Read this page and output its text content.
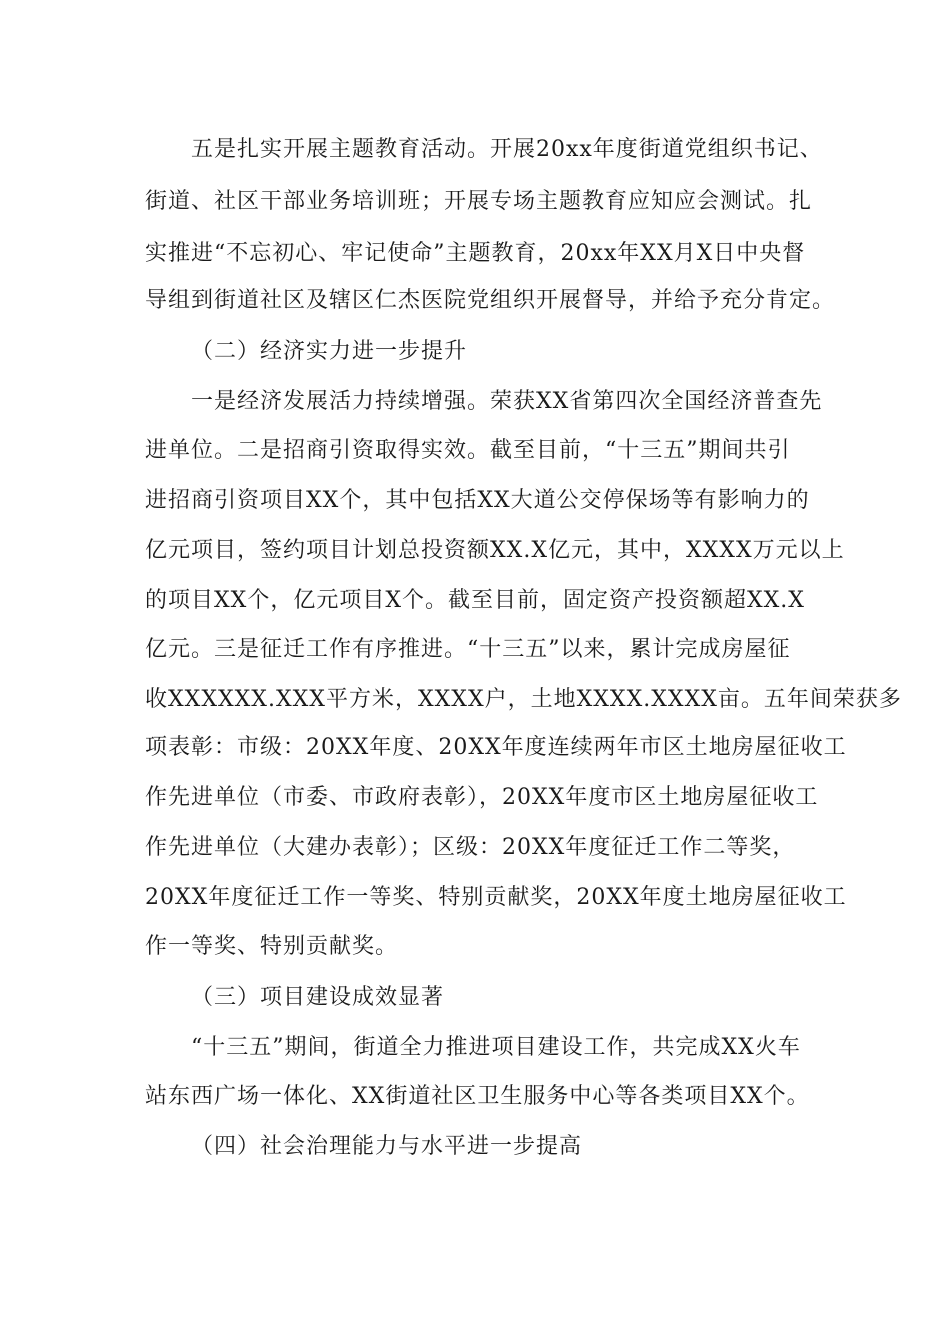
五是扎实开展主题教育活动。开展20xx年度街道党组织书记、
街道、社区干部业务培训班；开展专场主题教育应知应会测试。扎
实推进“不忘初心、牢记使命”主题教育，20xx年XX月X日中央督
导组到街道社区及辖区仁杰医院党组织开展督导，并给予充分肯定。
（二）经济实力进一步提升
一是经济发展活力持续增强。荣获XX省第四次全国经济普查先
进单位。二是招商引资取得实效。截至目前，“十三五”期间共引
进招商引资项目XX个，其中包括XX大道公交停保场等有影响力的
亿元项目，签约项目计划总投资额XX.X亿元，其中，XXXX万元以上
的项目XX个，亿元项目X个。截至目前，固定资产投资额超XX.X
亿元。三是征迁工作有序推进。“十三五”以来，累计完成房屋征
收XXXXXX.XXX平方米，XXXX户，土地XXXX.XXXX亩。五年间荣获多
项表彰：市级：20XX年度、20XX年度连续两年市区土地房屋征收工
作先进单位（市委、市政府表彰），20XX年度市区土地房屋征收工
作先进单位（大建办表彰）；区级：20XX年度征迁工作二等奖，
20XX年度征迁工作一等奖、特别贡献奖，20XX年度土地房屋征收工
作一等奖、特别贡献奖。
（三）项目建设成效显著
“十三五”期间，街道全力推进项目建设工作，共完成XX火车
站东西广场一体化、XX街道社区卫生服务中心等各类项目XX个。
（四）社会治理能力与水平进一步提高
